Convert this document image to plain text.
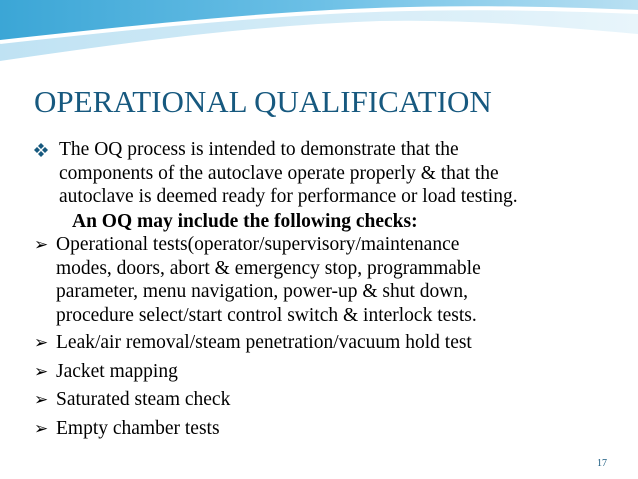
OPERATIONAL QUALIFICATION
The OQ process is intended to demonstrate that the
components of the autoclave operate properly & that the
autoclave is deemed ready for performance or load testing.
An OQ may include the following checks:
➢ Operational tests(operator/supervisory/maintenance
modes, doors, abort & emergency stop, programmable
parameter, menu navigation, power-up & shut down,
procedure select/start control switch & interlock tests.
➢ Leak/air removal/steam penetration/vacuum hold test
➢ Jacket mapping
➢ Saturated steam check
➢ Empty chamber tests
17
